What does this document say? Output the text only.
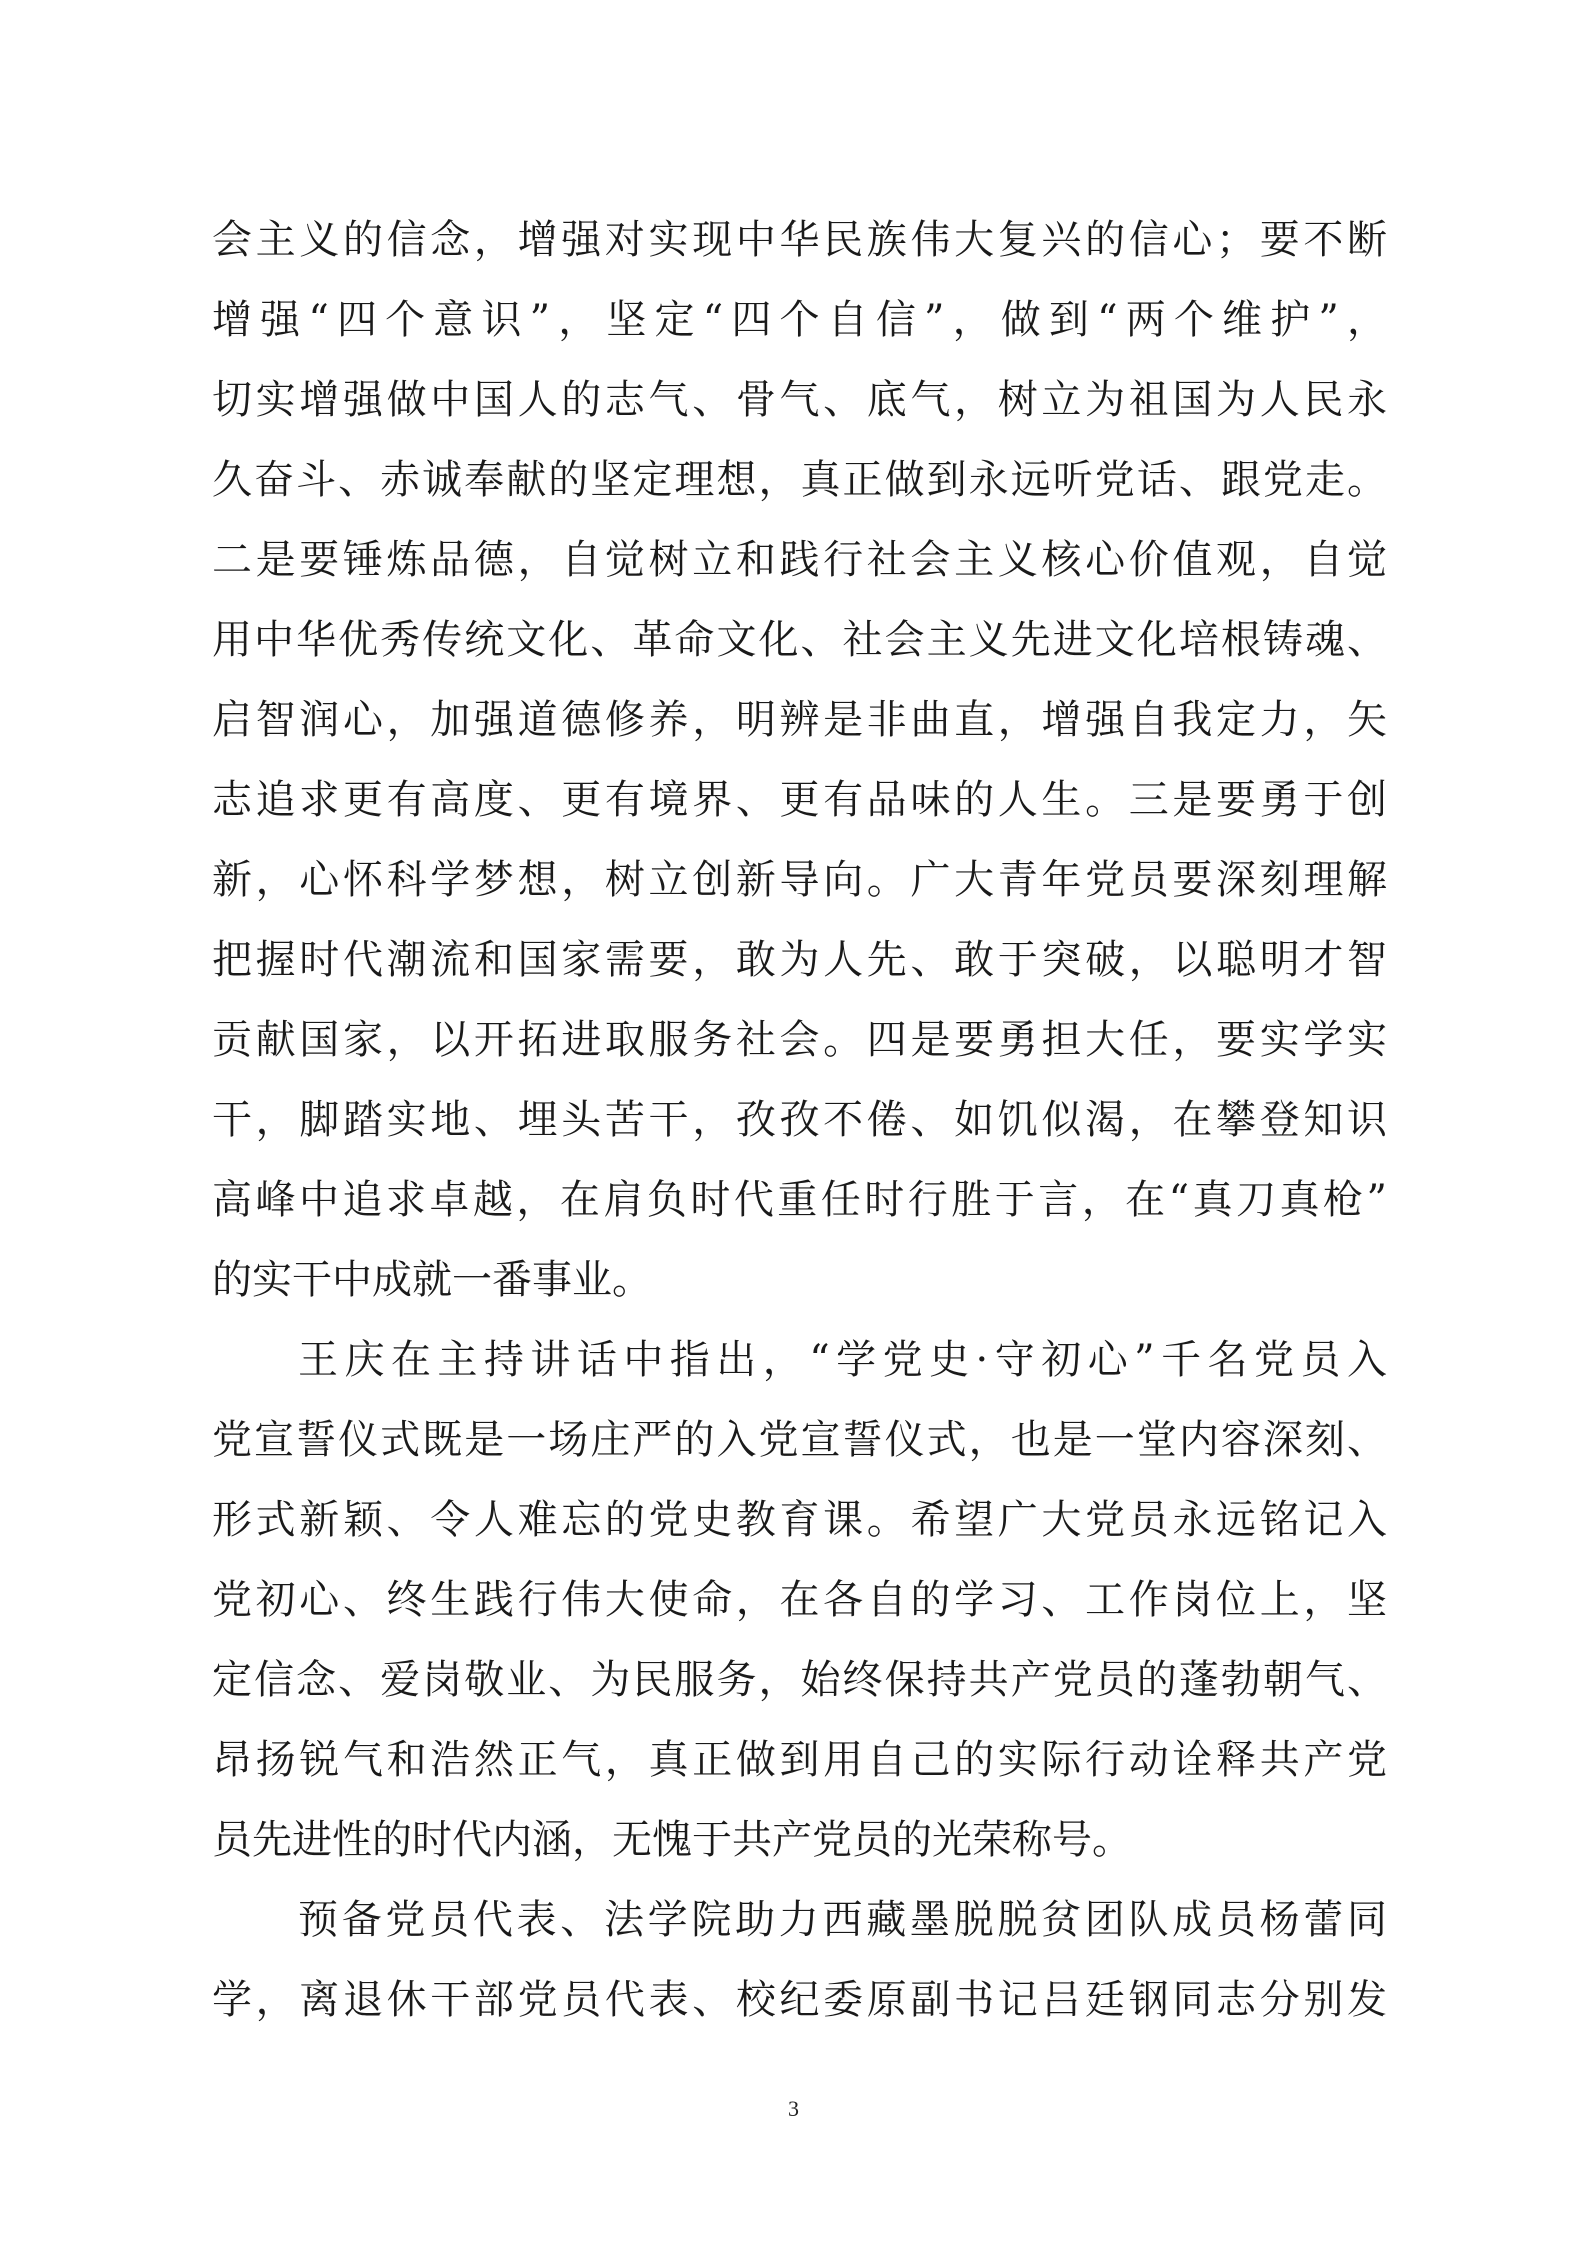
会主义的信念，增强对实现中华民族伟大复兴的信心；要不断
增强“四个意识”，坚定“四个自信”，做到“两个维护”，
切实增强做中国人的志气、骨气、底气，树立为祖国为人民永
久奋斗、赤诚奉献的坚定理想，真正做到永远听党话、跟党走。
二是要锤炼品德，自觉树立和践行社会主义核心价值观，自觉
用中华优秀传统文化、革命文化、社会主义先进文化培根铸魂、
启智润心，加强道德修养，明辨是非曲直，增强自我定力，矢
志追求更有高度、更有境界、更有品味的人生。三是要勇于创
新，心怀科学梦想，树立创新导向。广大青年党员要深刻理解
把握时代潮流和国家需要，敢为人先、敢于突破，以聪明才智
贡献国家，以开拓进取服务社会。四是要勇担大任，要实学实
干，脚踏实地、埋头苦干，孜孜不倦、如饥似渴，在攀登知识
高峰中追求卓越，在肩负时代重任时行胜于言，在“真刀真枪”
的实干中成就一番事业。
王庆在主持讲话中指出，“学党史·守初心”千名党员入
党宣誓仪式既是一场庄严的入党宣誓仪式，也是一堂内容深刻、
形式新颖、令人难忘的党史教育课。希望广大党员永远铭记入
党初心、终生践行伟大使命，在各自的学习、工作岗位上，坚
定信念、爱岗敬业、为民服务，始终保持共产党员的蓬勃朝气、
昂扬锐气和浩然正气，真正做到用自己的实际行动诠释共产党
员先进性的时代内涵，无愧于共产党员的光荣称号。
预备党员代表、法学院助力西藏墨脱脱贫团队成员杨蕾同
学，离退休干部党员代表、校纪委原副书记吕廷钢同志分别发
3
